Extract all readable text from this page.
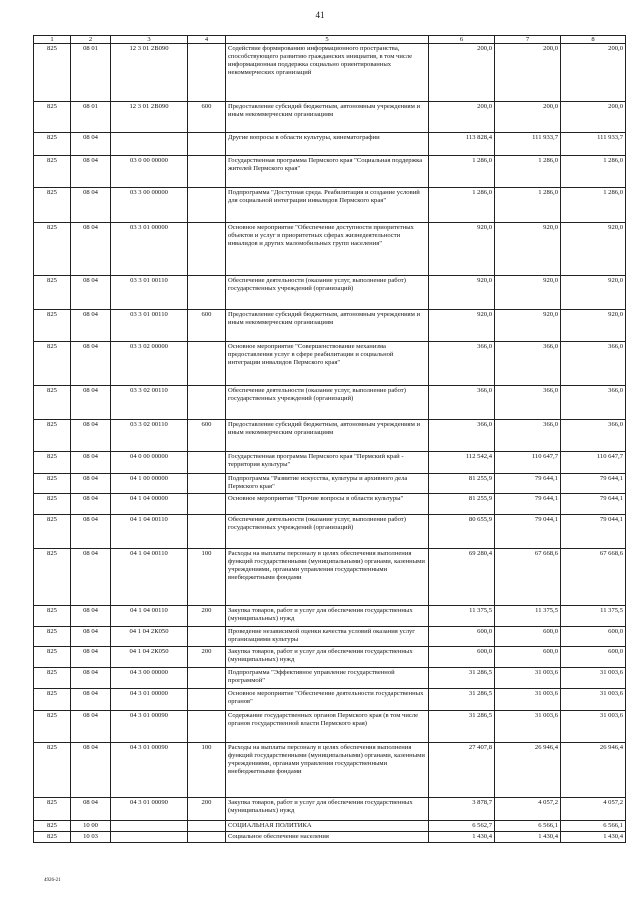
41
1	2	3	4	5	6	7	8
825	08 01	12 3 01 2В090		Содействие формированию информационного пространства, способствующего развитию гражданских инициатив, в том числе информационная поддержка социально ориентированных некоммерческих организаций	200,0	200,0	200,0
825	08 01	12 3 01 2В090	600	Предоставление субсидий бюджетным, автономным учреждениям и иным некоммерческим организациям	200,0	200,0	200,0
825	08 04			Другие вопросы в области культуры, кинематографии	113 828,4	111 933,7	111 933,7
825	08 04	03 0 00 00000		Государственная программа Пермского края "Социальная поддержка жителей Пермского края"	1 286,0	1 286,0	1 286,0
825	08 04	03 3 00 00000		Подпрограмма "Доступная среда. Реабилитация и создание условий для социальной интеграции инвалидов Пермского края"	1 286,0	1 286,0	1 286,0
825	08 04	03 3 01 00000		Основное мероприятие "Обеспечение доступности приоритетных объектов и услуг в приоритетных сферах жизнедеятельности инвалидов и других маломобильных групп населения"	920,0	920,0	920,0
825	08 04	03 3 01 00110		Обеспечение деятельности (оказание услуг, выполнение работ) государственных учреждений (организаций)	920,0	920,0	920,0
825	08 04	03 3 01 00110	600	Предоставление субсидий бюджетным, автономным учреждениям и иным некоммерческим организациям	920,0	920,0	920,0
825	08 04	03 3 02 00000		Основное мероприятие "Совершенствование механизма предоставления услуг в сфере реабилитации и социальной интеграции инвалидов Пермского края"	366,0	366,0	366,0
825	08 04	03 3 02 00110		Обеспечение деятельности (оказание услуг, выполнение работ) государственных учреждений (организаций)	366,0	366,0	366,0
825	08 04	03 3 02 00110	600	Предоставление субсидий бюджетным, автономным учреждениям и иным некоммерческим организациям	366,0	366,0	366,0
825	08 04	04 0 00 00000		Государственная программа Пермского края "Пермский край - территория культуры"	112 542,4	110 647,7	110 647,7
825	08 04	04 1 00 00000		Подпрограмма "Развитие искусства, культуры и архивного дела Пермского края"	81 255,9	79 644,1	79 644,1
825	08 04	04 1 04 00000		Основное мероприятие "Прочие вопросы в области культуры"	81 255,9	79 644,1	79 644,1
825	08 04	04 1 04 00110		Обеспечение деятельности (оказание услуг, выполнение работ) государственных учреждений (организаций)	80 655,9	79 044,1	79 044,1
825	08 04	04 1 04 00110	100	Расходы на выплаты персоналу в целях обеспечения выполнения функций государственными (муниципальными) органами, казенными учреждениями, органами управления государственными внебюджетными фондами	69 280,4	67 668,6	67 668,6
825	08 04	04 1 04 00110	200	Закупка товаров, работ и услуг для обеспечения государственных (муниципальных) нужд	11 375,5	11 375,5	11 375,5
825	08 04	04 1 04 2К050		Проведение независимой оценки качества условий оказания услуг организациями культуры	600,0	600,0	600,0
825	08 04	04 1 04 2К050	200	Закупка товаров, работ и услуг для обеспечения государственных (муниципальных) нужд	600,0	600,0	600,0
825	08 04	04 3 00 00000		Подпрограмма "Эффективное управление государственной программой"	31 286,5	31 003,6	31 003,6
825	08 04	04 3 01 00000		Основное мероприятие "Обеспечение деятельности государственных органов"	31 286,5	31 003,6	31 003,6
825	08 04	04 3 01 00090		Содержание государственных органов Пермского края (в том числе органов государственной власти Пермского края)	31 286,5	31 003,6	31 003,6
825	08 04	04 3 01 00090	100	Расходы на выплаты персоналу в целях обеспечения выполнения функций государственными (муниципальными) органами, казенными учреждениями, органами управления государственными внебюджетными фондами	27 407,8	26 946,4	26 946,4
825	08 04	04 3 01 00090	200	Закупка товаров, работ и услуг для обеспечения государственных (муниципальных) нужд	3 878,7	4 057,2	4 057,2
825	10 00			СОЦИАЛЬНАЯ ПОЛИТИКА	6 562,7	6 566,1	6 566,1
825	10 03			Социальное обеспечение населения	1 430,4	1 430,4	1 430,4
4926-21
